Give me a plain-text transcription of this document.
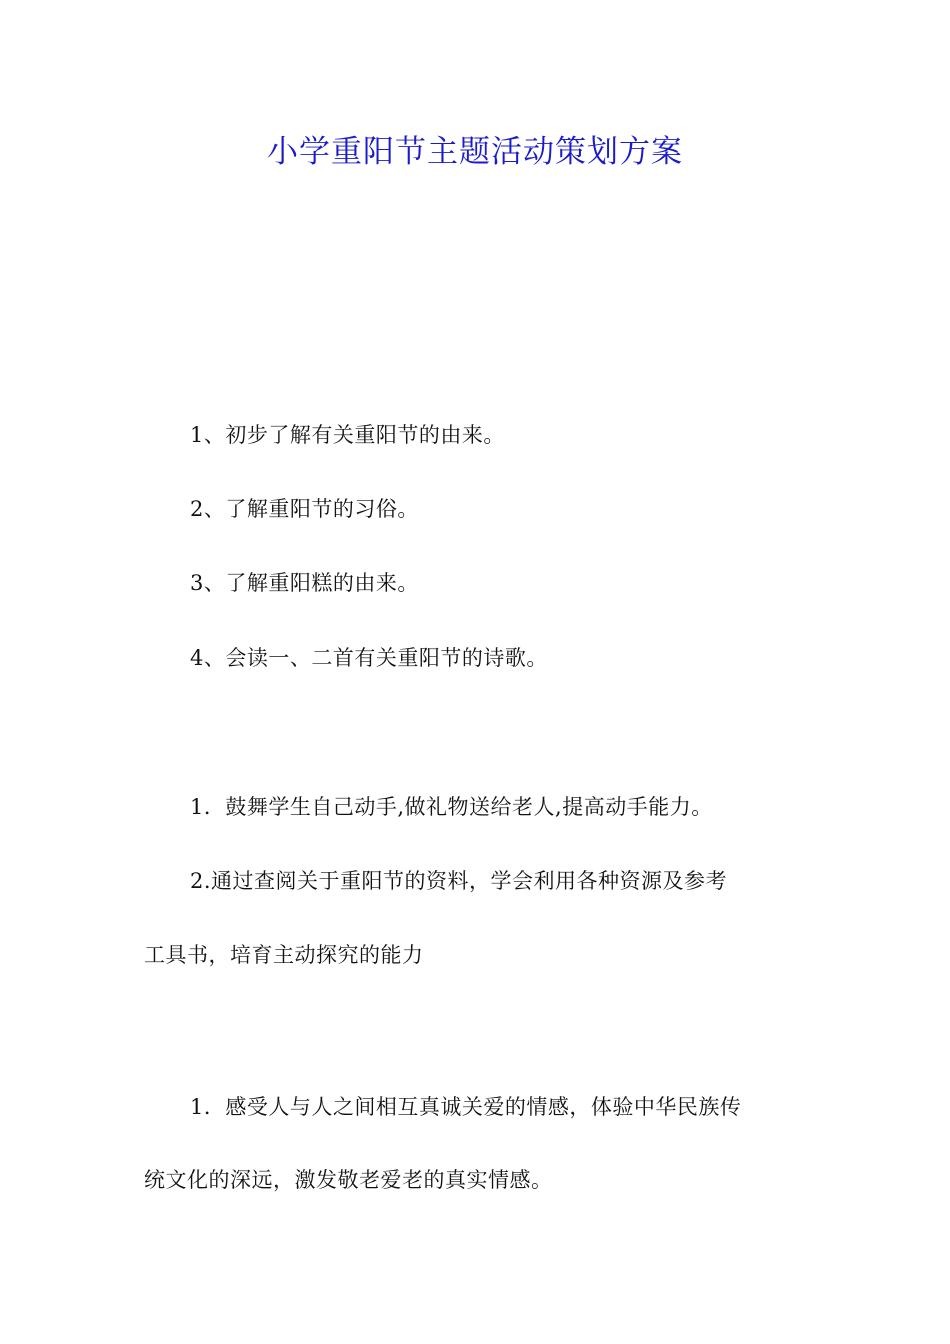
小学重阳节主题活动策划方案
1、初步了解有关重阳节的由来。
2、了解重阳节的习俗。
3、了解重阳糕的由来。
4、会读一、二首有关重阳节的诗歌。
1．鼓舞学生自己动手,做礼物送给老人,提高动手能力。
2.通过查阅关于重阳节的资料，学会利用各种资源及参考
工具书，培育主动探究的能力
1．感受人与人之间相互真诚关爱的情感，体验中华民族传
统文化的深远，激发敬老爱老的真实情感。
